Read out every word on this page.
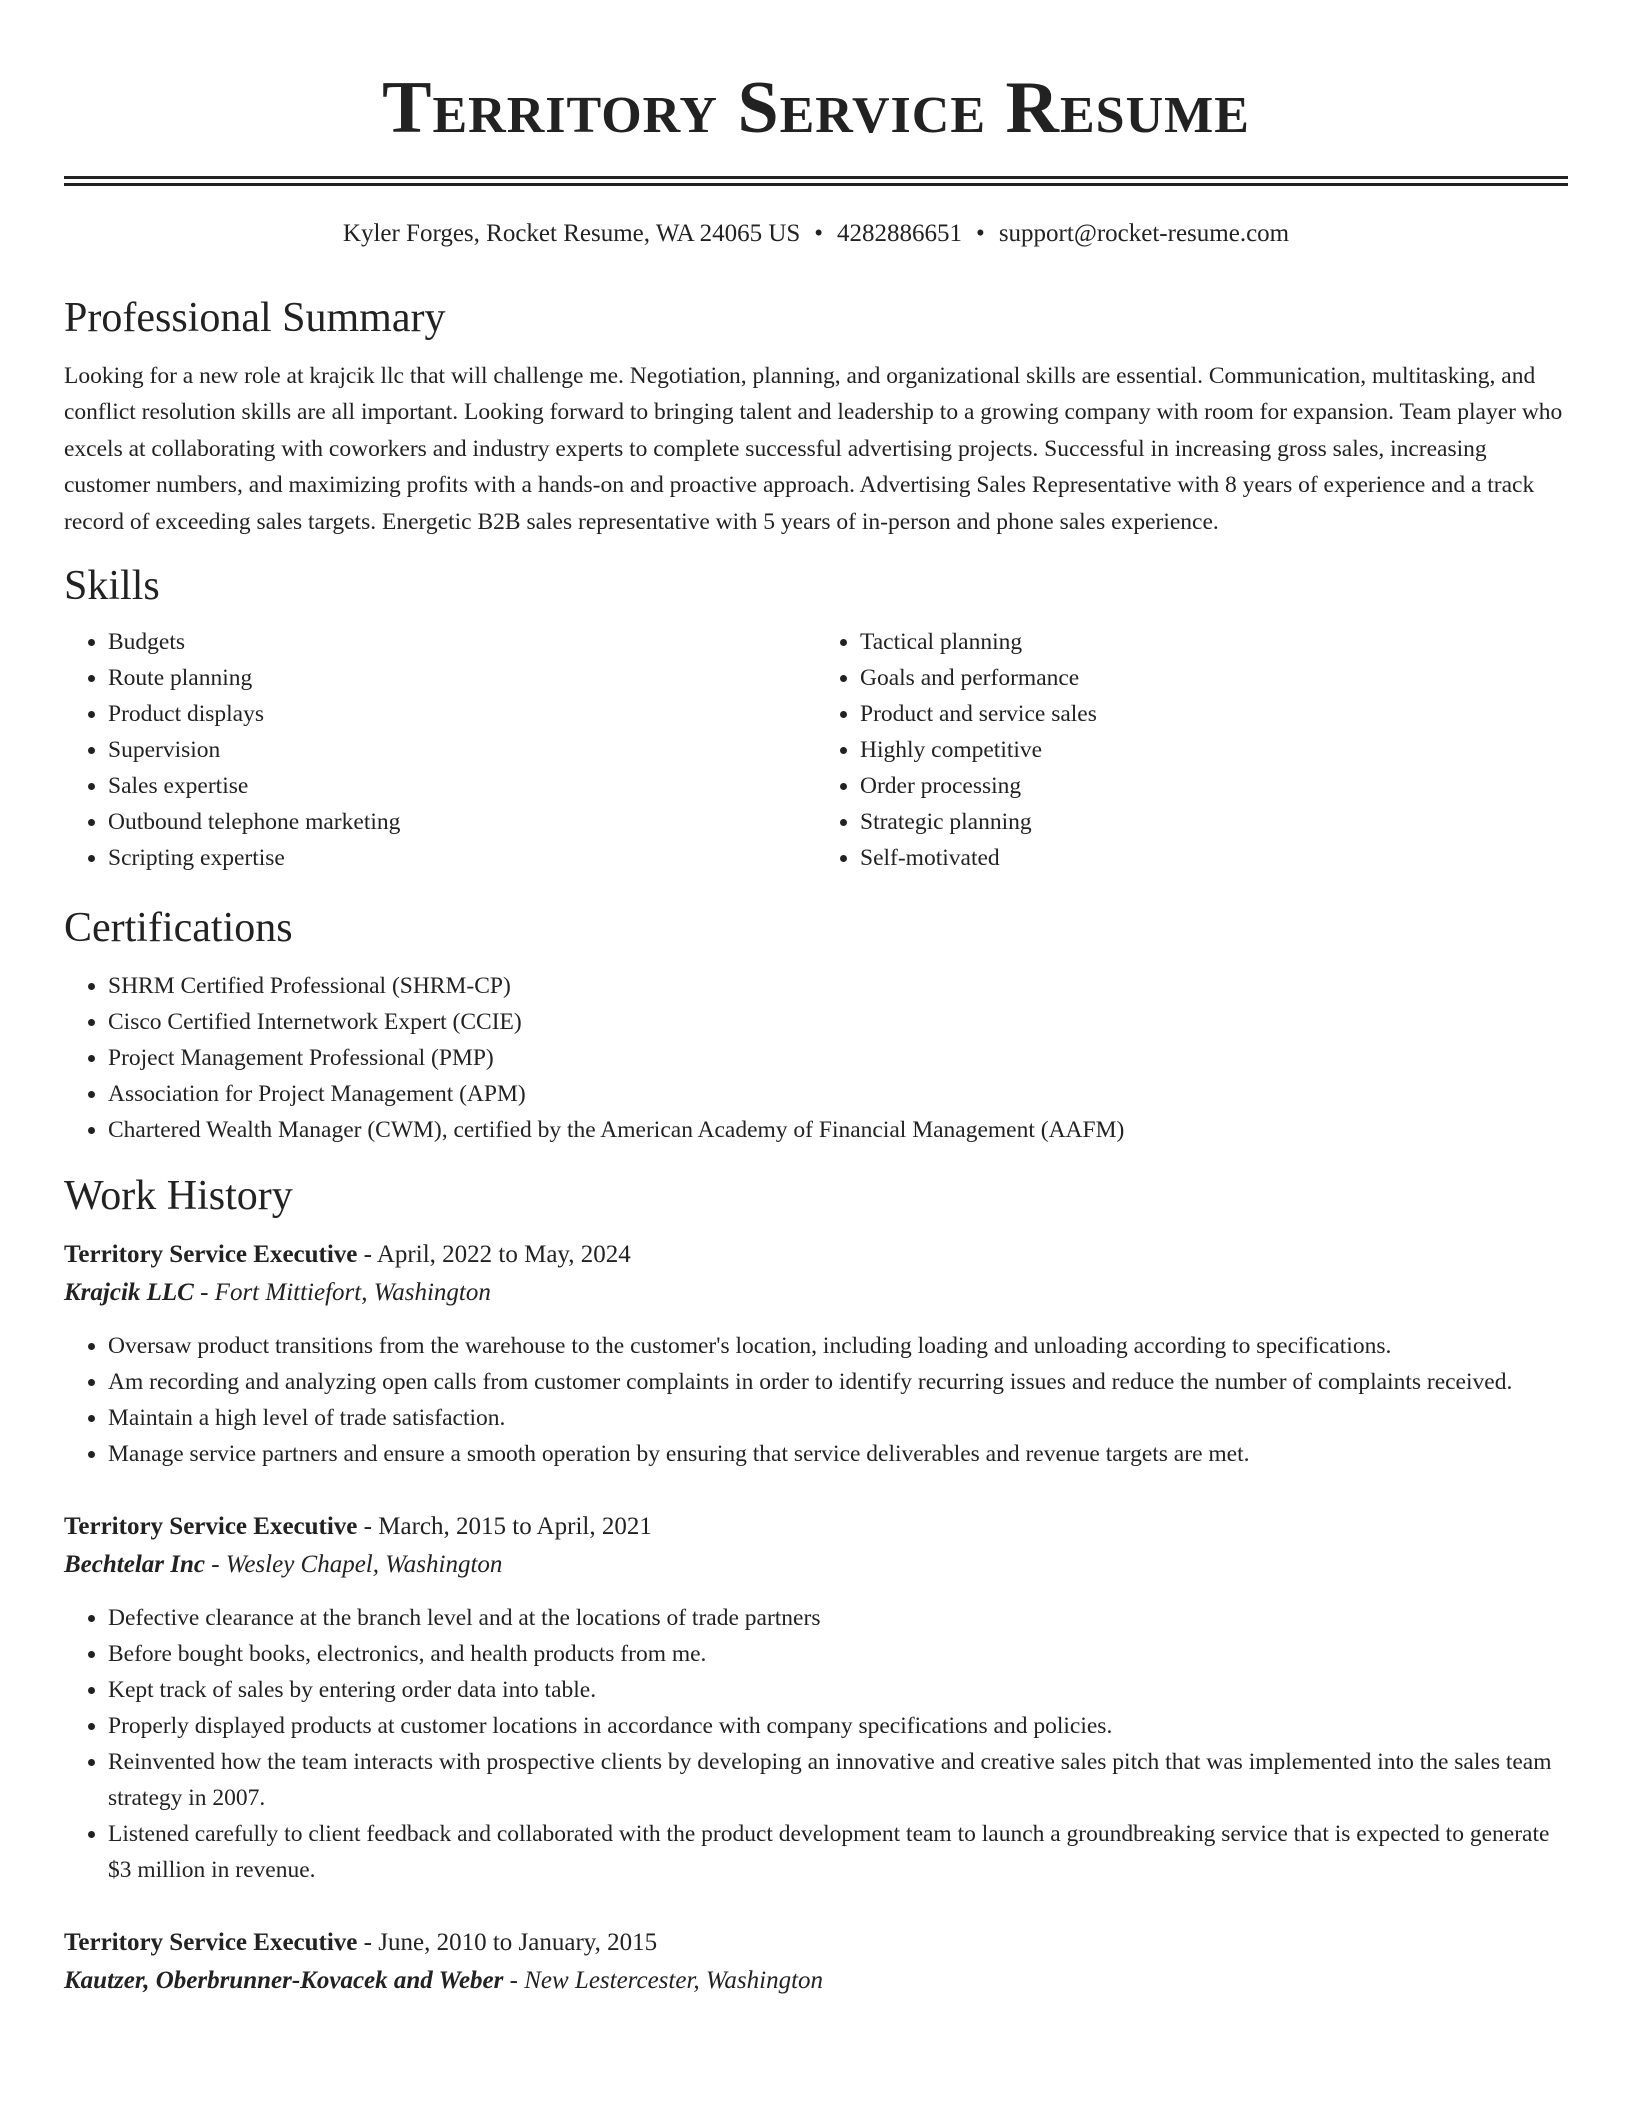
Territory Service Resume
Kyler Forges, Rocket Resume, WA 24065 US • 4282886651 • support@rocket-resume.com
Professional Summary

Looking for a new role at krajcik llc that will challenge me. Negotiation, planning, and organizational skills are essential. Communication, multitasking, and conflict resolution skills are all important. Looking forward to bringing talent and leadership to a growing company with room for expansion. Team player who excels at collaborating with coworkers and industry experts to complete successful advertising projects. Successful in increasing gross sales, increasing customer numbers, and maximizing profits with a hands-on and proactive approach. Advertising Sales Representative with 8 years of experience and a track record of exceeding sales targets. Energetic B2B sales representative with 5 years of in-person and phone sales experience.

Skills
• Budgets
• Route planning
• Product displays
• Supervision
• Sales expertise
• Outbound telephone marketing
• Scripting expertise
• Tactical planning
• Goals and performance
• Product and service sales
• Highly competitive
• Order processing
• Strategic planning
• Self-motivated
Certifications
• SHRM Certified Professional (SHRM-CP)
• Cisco Certified Internetwork Expert (CCIE)
• Project Management Professional (PMP)
• Association for Project Management (APM)
• Chartered Wealth Manager (CWM), certified by the American Academy of Financial Management (AAFM)
Work History
Territory Service Executive - April, 2022 to May, 2024
Krajcik LLC - Fort Mittiefort, Washington
• Oversaw product transitions from the warehouse to the customer's location, including loading and unloading according to specifications.
• Am recording and analyzing open calls from customer complaints in order to identify recurring issues and reduce the number of complaints received.
• Maintain a high level of trade satisfaction.
• Manage service partners and ensure a smooth operation by ensuring that service deliverables and revenue targets are met.
Territory Service Executive - March, 2015 to April, 2021
Bechtelar Inc - Wesley Chapel, Washington
• Defective clearance at the branch level and at the locations of trade partners
• Before bought books, electronics, and health products from me.
• Kept track of sales by entering order data into table.
• Properly displayed products at customer locations in accordance with company specifications and policies.
• Reinvented how the team interacts with prospective clients by developing an innovative and creative sales pitch that was implemented into the sales team strategy in 2007.
• Listened carefully to client feedback and collaborated with the product development team to launch a groundbreaking service that is expected to generate $3 million in revenue.
Territory Service Executive - June, 2010 to January, 2015
Kautzer, Oberbrunner-Kovacek and Weber - New Lestercester, Washington
